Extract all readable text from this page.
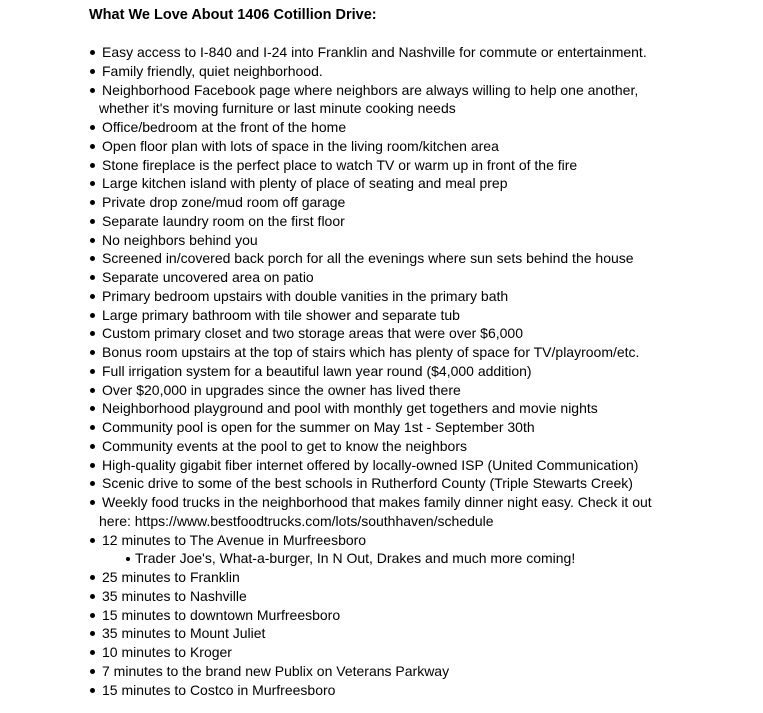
What We Love About 1406 Cotillion Drive:
Easy access to I-840 and I-24 into Franklin and Nashville for commute or entertainment.
Family friendly, quiet neighborhood.
Neighborhood Facebook page where neighbors are always willing to help one another,
whether it's moving furniture or last minute cooking needs
Office/bedroom at the front of the home
Open floor plan with lots of space in the living room/kitchen area
Stone fireplace is the perfect place to watch TV or warm up in front of the fire
Large kitchen island with plenty of place of seating and meal prep
Private drop zone/mud room off garage
Separate laundry room on the first floor
No neighbors behind you
Screened in/covered back porch for all the evenings where sun sets behind the house
Separate uncovered area on patio
Primary bedroom upstairs with double vanities in the primary bath
Large primary bathroom with tile shower and separate tub
Custom primary closet and two storage areas that were over $6,000
Bonus room upstairs at the top of stairs which has plenty of space for TV/playroom/etc.
Full irrigation system for a beautiful lawn year round ($4,000 addition)
Over $20,000 in upgrades since the owner has lived there
Neighborhood playground and pool with monthly get togethers and movie nights
Community pool is open for the summer on May 1st - September 30th
Community events at the pool to get to know the neighbors
High-quality gigabit fiber internet offered by locally-owned ISP (United Communication)
Scenic drive to some of the best schools in Rutherford County (Triple Stewarts Creek)
Weekly food trucks in the neighborhood that makes family dinner night easy. Check it out
here: https://www.bestfoodtrucks.com/lots/southhaven/schedule
12 minutes to The Avenue in Murfreesboro
Trader Joe's, What-a-burger, In N Out, Drakes and much more coming!
25 minutes to Franklin
35 minutes to Nashville
15 minutes to downtown Murfreesboro
35 minutes to Mount Juliet
10 minutes to Kroger
7 minutes to the brand new Publix on Veterans Parkway
15 minutes to Costco in Murfreesboro
